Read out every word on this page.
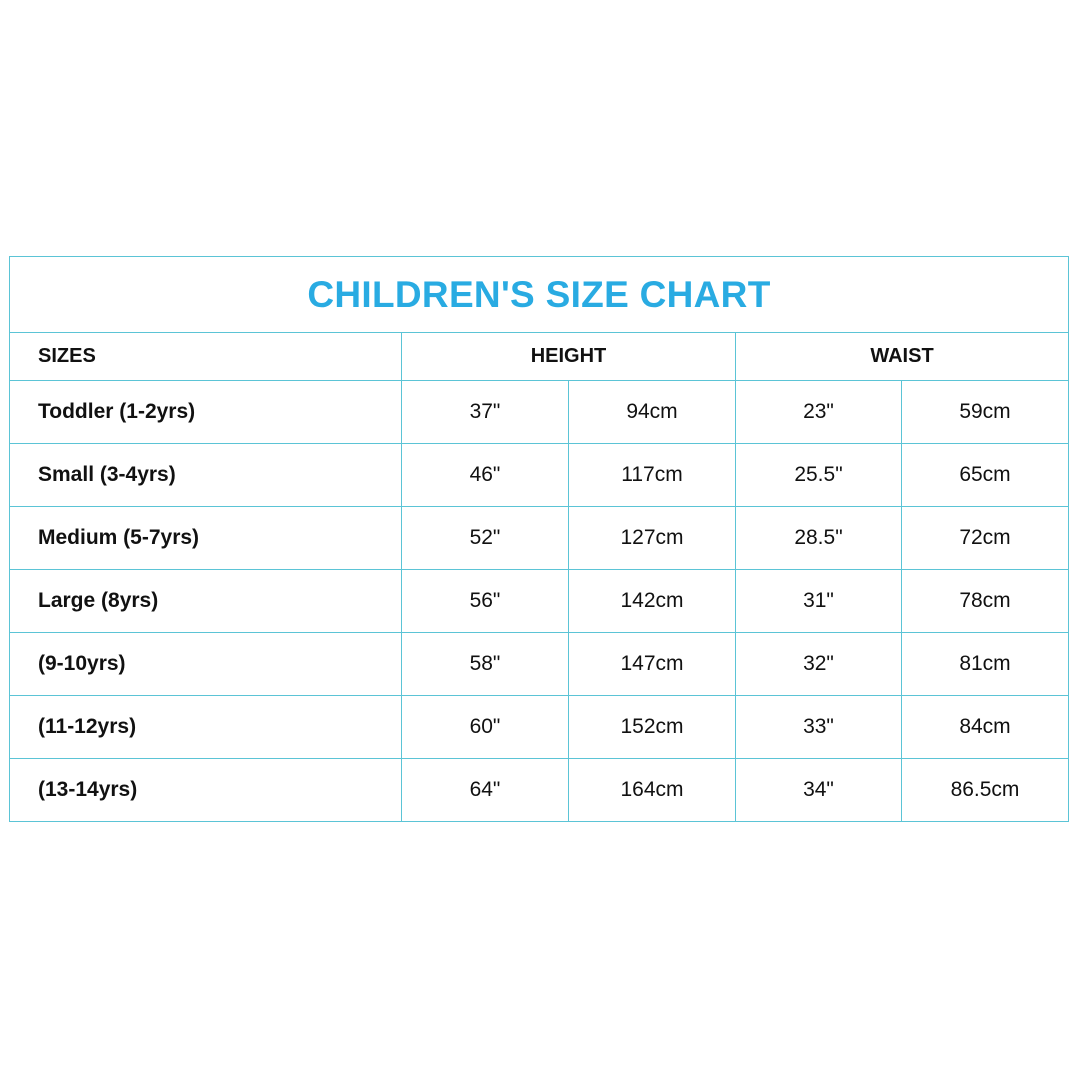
CHILDREN'S SIZE CHART				
SIZES	HEIGHT		WAIST	
Toddler (1-2yrs)	37"	94cm	23"	59cm
Small (3-4yrs)	46"	117cm	25.5"	65cm
Medium (5-7yrs)	52"	127cm	28.5"	72cm
Large (8yrs)	56"	142cm	31"	78cm
(9-10yrs)	58"	147cm	32"	81cm
(11-12yrs)	60"	152cm	33"	84cm
(13-14yrs)	64"	164cm	34"	86.5cm
